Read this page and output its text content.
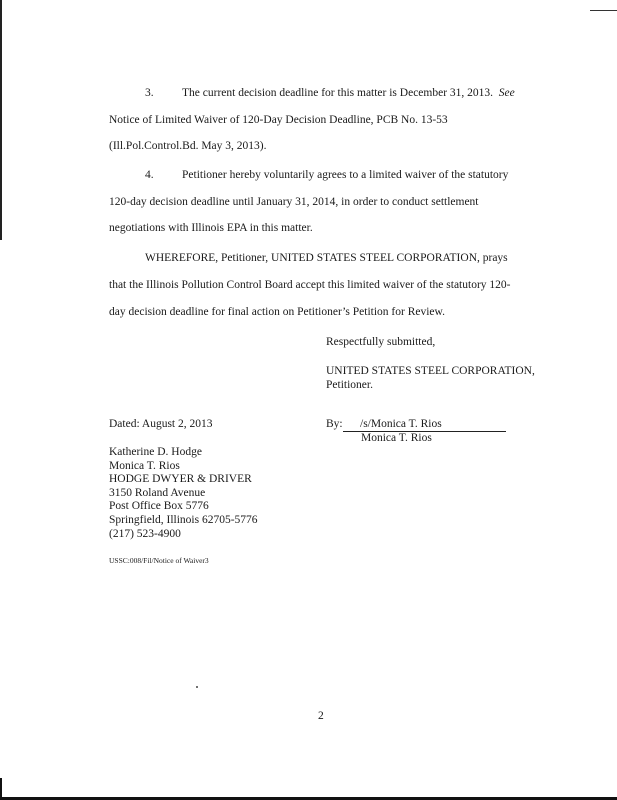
3. The current decision deadline for this matter is December 31, 2013. See
Notice of Limited Waiver of 120-Day Decision Deadline, PCB No. 13-53
(Ill.Pol.Control.Bd. May 3, 2013).
4. Petitioner hereby voluntarily agrees to a limited waiver of the statutory
120-day decision deadline until January 31, 2014, in order to conduct settlement
negotiations with Illinois EPA in this matter.
WHEREFORE, Petitioner, UNITED STATES STEEL CORPORATION, prays
that the Illinois Pollution Control Board accept this limited waiver of the statutory 120-
day decision deadline for final action on Petitioner’s Petition for Review.
Respectfully submitted,
UNITED STATES STEEL CORPORATION,
Petitioner.
Dated: August 2, 2013	By: /s/Monica T. Rios
Monica T. Rios
Katherine D. Hodge
Monica T. Rios
HODGE DWYER & DRIVER
3150 Roland Avenue
Post Office Box 5776
Springfield, Illinois 62705-5776
(217) 523-4900
USSC:008/Fil/Notice of Waiver3
2
